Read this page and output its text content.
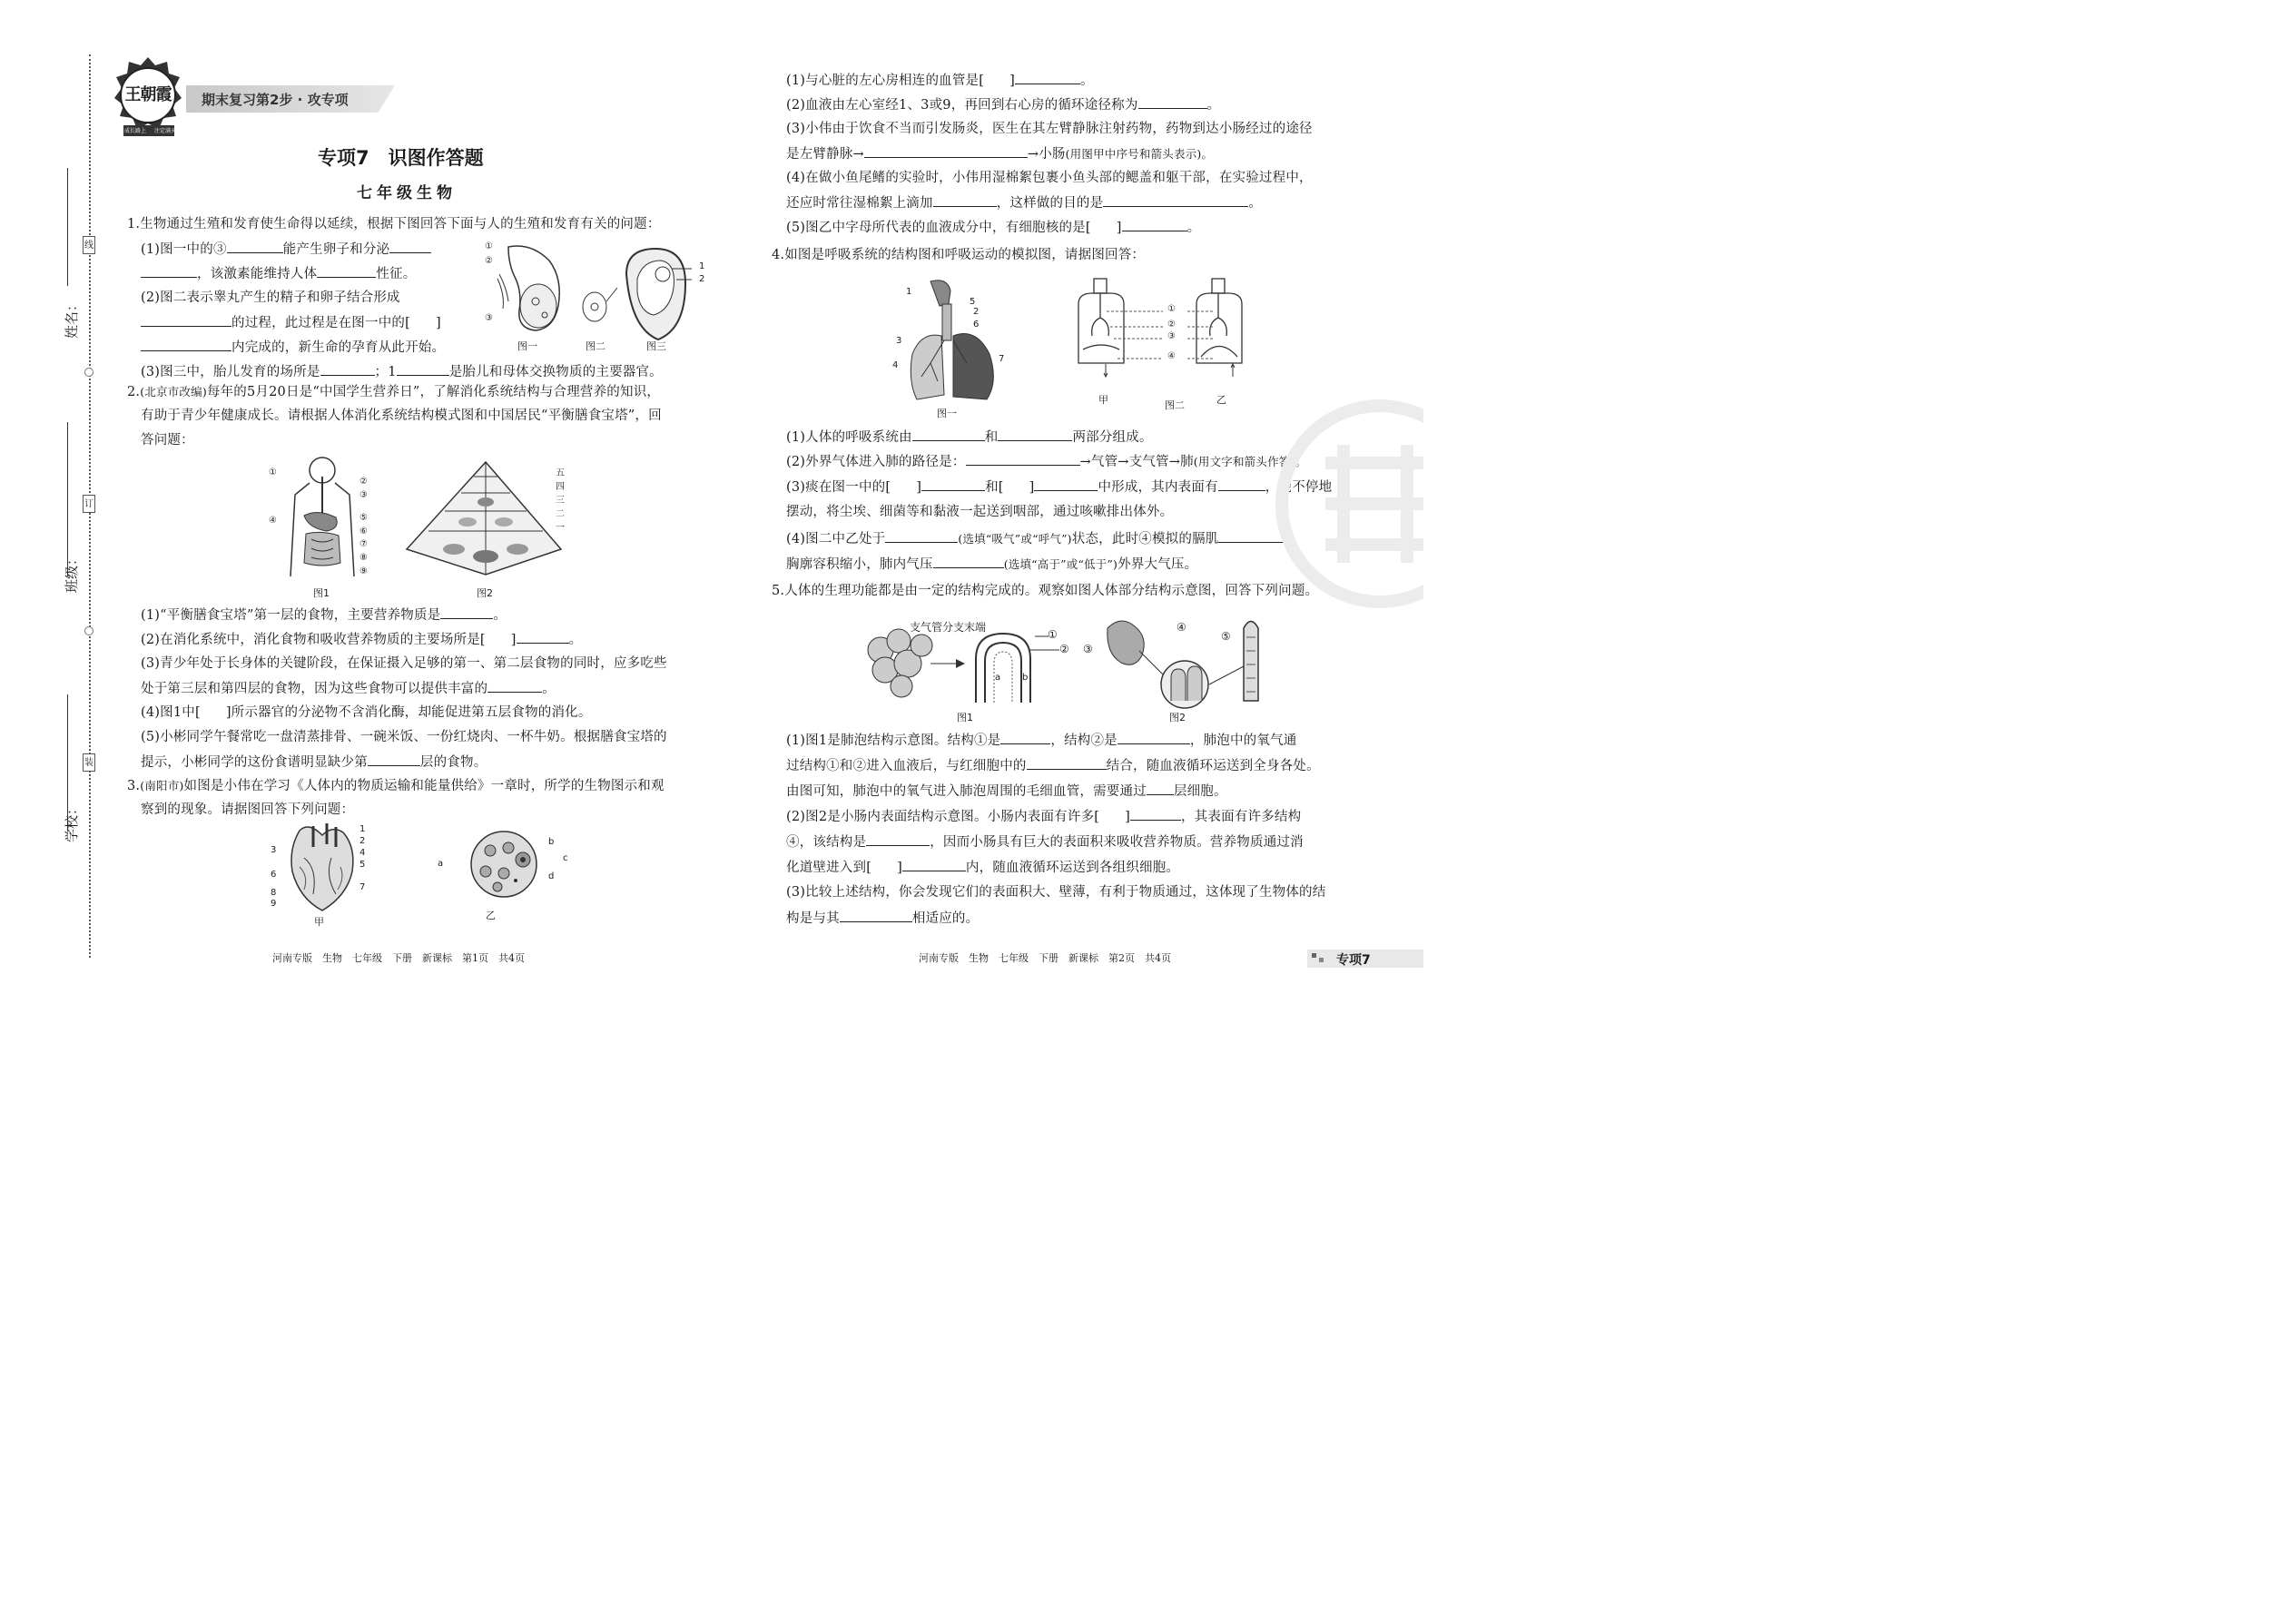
姓名：
班级：
学校：
线
订
装
王朝霞
成长路上 注定满天
期末复习第2步 · 攻专项
专项7　识图作答题
七年级生物
1.生物通过生殖和发育使生命得以延续，根据下图回答下面与人的生殖和发育有关的问题：
(1)图一中的③	能产生卵子和分泌
，该激素能维持人体	性征。
(2)图二表示睾丸产生的精子和卵子结合形成
的过程，此过程是在图一中的[ ]
内完成的，新生命的孕育从此开始。
(3)图三中，胎儿发育的场所是	；1	是胎儿和母体交换物质的主要器官。
①
②
③
1
2
图一	图二	图三
2.(北京市改编)每年的5月20日是“中国学生营养日”，了解消化系统结构与合理营养的知识，
有助于青少年健康成长。请根据人体消化系统结构模式图和中国居民“平衡膳食宝塔”，回
答问题：
①
②
③
④	⑤
⑥
⑦
⑧
⑨
图1
五
四
三
二
一
图2
(1)“平衡膳食宝塔”第一层的食物，主要营养物质是	。
(2)在消化系统中，消化食物和吸收营养物质的主要场所是[ ]	。
(3)青少年处于长身体的关键阶段，在保证摄入足够的第一、第二层食物的同时，应多吃些
处于第三层和第四层的食物，因为这些食物可以提供丰富的	。
(4)图1中[ ]所示器官的分泌物不含消化酶，却能促进第五层食物的消化。
(5)小彬同学午餐常吃一盘清蒸排骨、一碗米饭、一份红烧肉、一杯牛奶。根据膳食宝塔的
提示，小彬同学的这份食谱明显缺少第	层的食物。
3.(南阳市)如图是小伟在学习《人体内的物质运输和能量供给》一章时，所学的生物图示和观
察到的现象。请据图回答下列问题：
1
2
3	4
5
6
7
8
9
甲
a
b
c
d
乙
河南专版　生物　七年级　下册　新课标　第1页　共4页
(1)与心脏的左心房相连的血管是[ ]	。
(2)血液由左心室经1、3或9，再回到右心房的循环途径称为	。
(3)小伟由于饮食不当而引发肠炎，医生在其左臂静脉注射药物，药物到达小肠经过的途径
是左臂静脉→	→小肠(用图甲中序号和箭头表示)。
(4)在做小鱼尾鳍的实验时，小伟用湿棉絮包裹小鱼头部的鳃盖和躯干部，在实验过程中，
还应时常往湿棉絮上滴加	，这样做的目的是	。
(5)图乙中字母所代表的血液成分中，有细胞核的是[ ]	。
4.如图是呼吸系统的结构图和呼吸运动的模拟图，请据图回答：
1
5
2
6
3
4
7
图一
①
②
③
④
甲	图二	乙
(1)人体的呼吸系统由	和	两部分组成。
(2)外界气体进入肺的路径是：	→气管→支气管→肺(用文字和箭头作答)。
(3)痰在图一中的[ ]	和[ ]	中形成，其内表面有	，能不停地
摆动，将尘埃、细菌等和黏液一起送到咽部，通过咳嗽排出体外。
(4)图二中乙处于	(选填“吸气”或“呼气”)状态，此时④模拟的膈肌	，
胸廓容积缩小，肺内气压	(选填“高于”或“低于”)外界大气压。
5.人体的生理功能都是由一定的结构完成的。观察如图人体部分结构示意图，回答下列问题。
支气管分支末端
①
②
a b
图1
③
④
⑤
图2
(1)图1是肺泡结构示意图。结构①是	，结构②是	，肺泡中的氧气通
过结构①和②进入血液后，与红细胞中的	结合，随血液循环运送到全身各处。
由图可知，肺泡中的氧气进入肺泡周围的毛细血管，需要通过 层细胞。
(2)图2是小肠内表面结构示意图。小肠内表面有许多[ ]	，其表面有许多结构
④，该结构是	，因而小肠具有巨大的表面积来吸收营养物质。营养物质通过消
化道壁进入到[ ]	内，随血液循环运送到各组织细胞。
(3)比较上述结构，你会发现它们的表面积大、壁薄，有利于物质通过，这体现了生物体的结
构是与其	相适应的。
河南专版　生物　七年级　下册　新课标　第2页　共4页	专项7
